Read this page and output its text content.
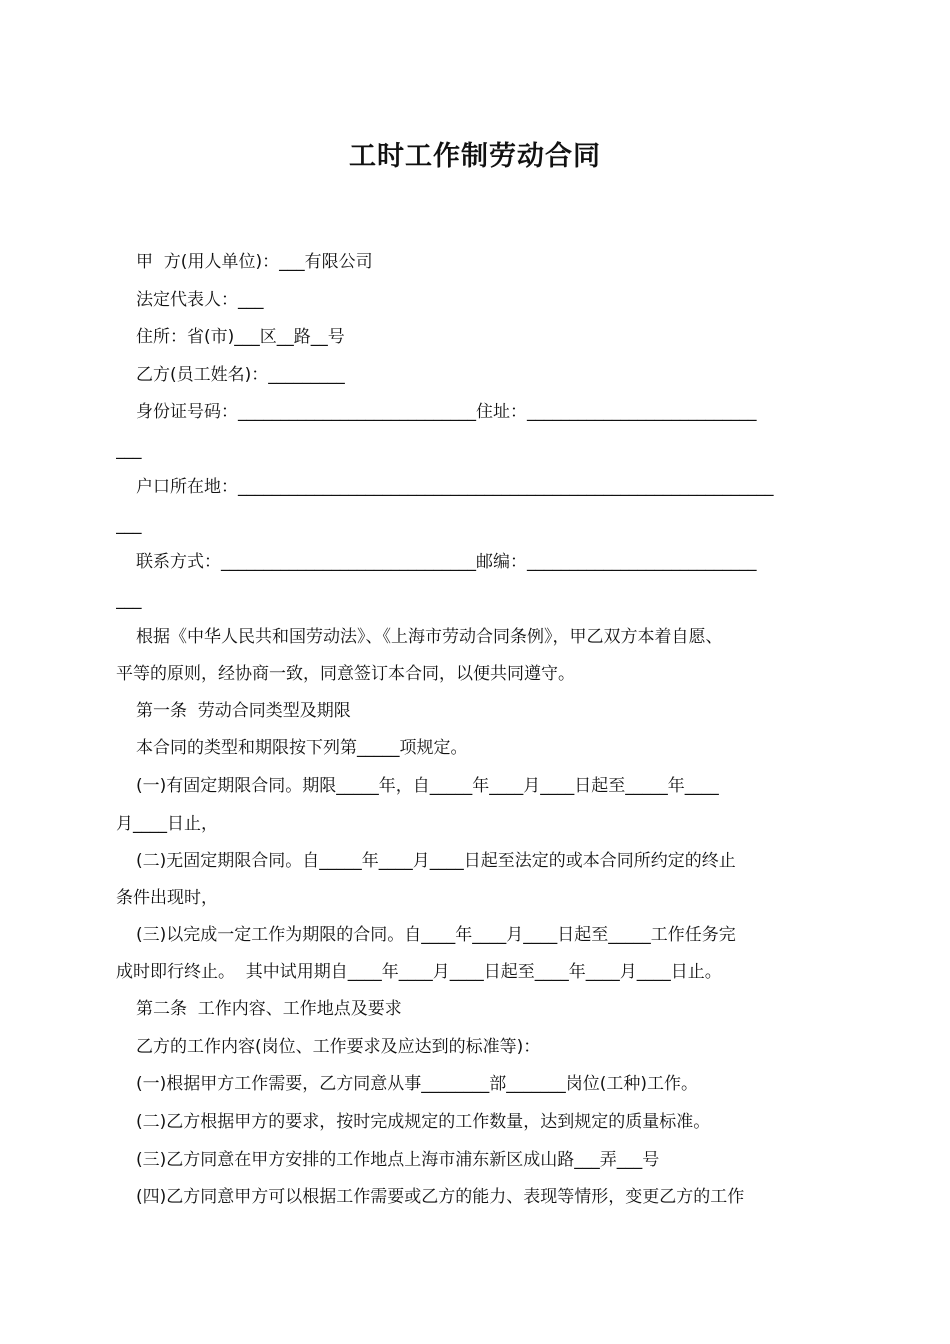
工时工作制劳动合同
甲  方(用人单位)：___有限公司
法定代表人：___
住所：省(市)___区__路__号
乙方(员工姓名)：_________
身份证号码：____________________________住址：___________________________
___
户口所在地：_______________________________________________________________
___
联系方式：______________________________邮编：___________________________
___
根据《中华人民共和国劳动法》、《上海市劳动合同条例》，甲乙双方本着自愿、
平等的原则，经协商一致，同意签订本合同，以便共同遵守。
第一条  劳动合同类型及期限
本合同的类型和期限按下列第_____项规定。
(一)有固定期限合同。期限_____年，自_____年____月____日起至_____年____
月____日止，
(二)无固定期限合同。自_____年____月____日起至法定的或本合同所约定的终止
条件出现时，
(三)以完成一定工作为期限的合同。自____年____月____日起至_____工作任务完
成时即行终止。  其中试用期自____年____月____日起至____年____月____日止。
第二条  工作内容、工作地点及要求
乙方的工作内容(岗位、工作要求及应达到的标准等)：
(一)根据甲方工作需要，乙方同意从事________部_______岗位(工种)工作。
(二)乙方根据甲方的要求，按时完成规定的工作数量，达到规定的质量标准。
(三)乙方同意在甲方安排的工作地点上海市浦东新区成山路___弄___号
(四)乙方同意甲方可以根据工作需要或乙方的能力、表现等情形，变更乙方的工作
